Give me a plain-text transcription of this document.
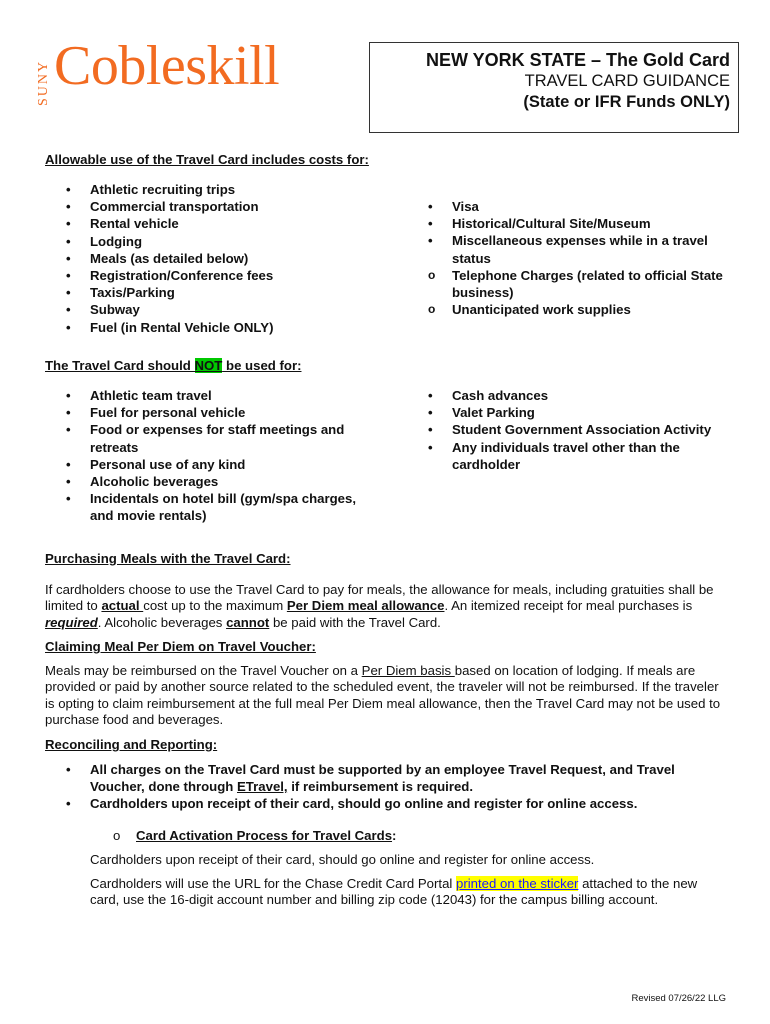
SUNY Cobleskill	NEW YORK STATE – The Gold Card
TRAVEL CARD GUIDANCE
(State or IFR Funds ONLY)
Allowable use of the Travel Card includes costs for:
• Athletic recruiting trips
• Commercial transportation
• Rental vehicle
• Lodging
• Meals (as detailed below)
• Registration/Conference fees
• Taxis/Parking
• Subway
• Fuel (in Rental Vehicle ONLY)
• Visa
• Historical/Cultural Site/Museum
• Miscellaneous expenses while in a travel status
o Telephone Charges (related to official State business)
o Unanticipated work supplies
The Travel Card should NOT be used for:
• Athletic team travel
• Fuel for personal vehicle
• Food or expenses for staff meetings and retreats
• Personal use of any kind
• Alcoholic beverages
• Incidentals on hotel bill (gym/spa charges, and movie rentals)
• Cash advances
• Valet Parking
• Student Government Association Activity
• Any individuals travel other than the cardholder
Purchasing Meals with the Travel Card:
If cardholders choose to use the Travel Card to pay for meals, the allowance for meals, including gratuities shall be limited to actual cost up to the maximum Per Diem meal allowance. An itemized receipt for meal purchases is required. Alcoholic beverages cannot be paid with the Travel Card.
Claiming Meal Per Diem on Travel Voucher:
Meals may be reimbursed on the Travel Voucher on a Per Diem basis based on location of lodging. If meals are provided or paid by another source related to the scheduled event, the traveler will not be reimbursed. If the traveler is opting to claim reimbursement at the full meal Per Diem meal allowance, then the Travel Card may not be used to purchase food and beverages.
Reconciling and Reporting:
• All charges on the Travel Card must be supported by an employee Travel Request, and Travel Voucher, done through ETravel, if reimbursement is required.
• Cardholders upon receipt of their card, should go online and register for online access.
o Card Activation Process for Travel Cards:
Cardholders upon receipt of their card, should go online and register for online access.
Cardholders will use the URL for the Chase Credit Card Portal printed on the sticker attached to the new card, use the 16-digit account number and billing zip code (12043) for the campus billing account.
Revised 07/26/22 LLG
